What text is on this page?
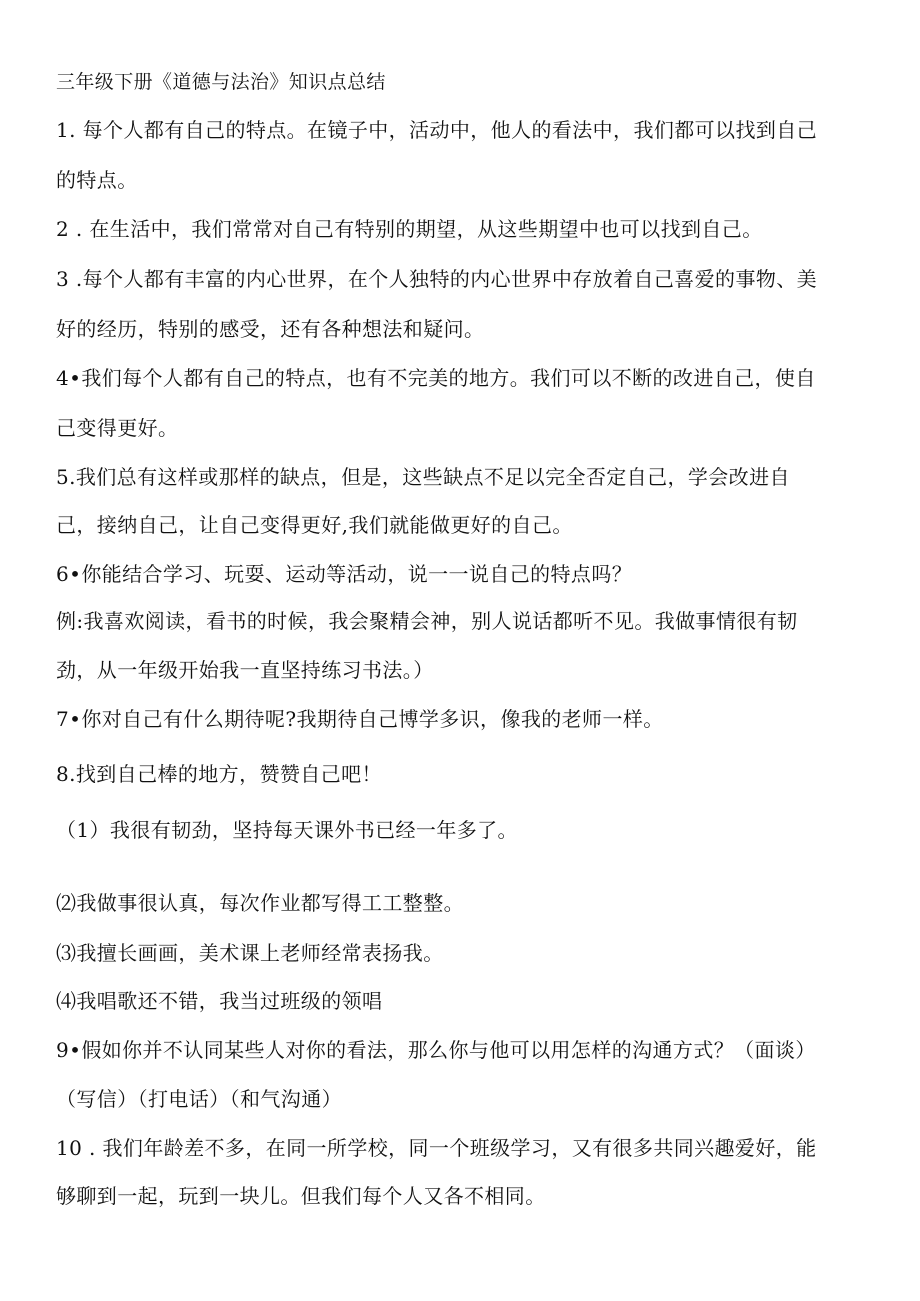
三年级下册《道德与法治》知识点总结
1. 每个人都有自己的特点。在镜子中，活动中，他人的看法中，我们都可以找到自己
的特点。
2 . 在生活中，我们常常对自己有特别的期望，从这些期望中也可以找到自己。
3 .每个人都有丰富的内心世界，在个人独特的内心世界中存放着自己喜爱的事物、美
好的经历，特别的感受，还有各种想法和疑问。
4•我们每个人都有自己的特点，也有不完美的地方。我们可以不断的改进自己，使自
己变得更好。
5.我们总有这样或那样的缺点，但是，这些缺点不足以完全否定自己，学会改进自
己，接纳自己，让自己变得更好,我们就能做更好的自己。
6•你能结合学习、玩耍、运动等活动，说一一说自己的特点吗？
例:我喜欢阅读，看书的时候，我会聚精会神，别人说话都听不见。我做事情很有韧
劲，从一年级开始我一直坚持练习书法。）
7•你对自己有什么期待呢?我期待自己博学多识，像我的老师一样。
8.找到自己棒的地方，赞赞自己吧！
（1）我很有韧劲，坚持每天课外书已经一年多了。
⑵我做事很认真，每次作业都写得工工整整。
⑶我擅长画画，美术课上老师经常表扬我。
⑷我唱歌还不错，我当过班级的领唱
9•假如你并不认同某些人对你的看法，那么你与他可以用怎样的沟通方式？（面谈）
（写信）（打电话）（和气沟通）
10 . 我们年龄差不多，在同一所学校，同一个班级学习，又有很多共同兴趣爱好，能
够聊到一起，玩到一块儿。但我们每个人又各不相同。
